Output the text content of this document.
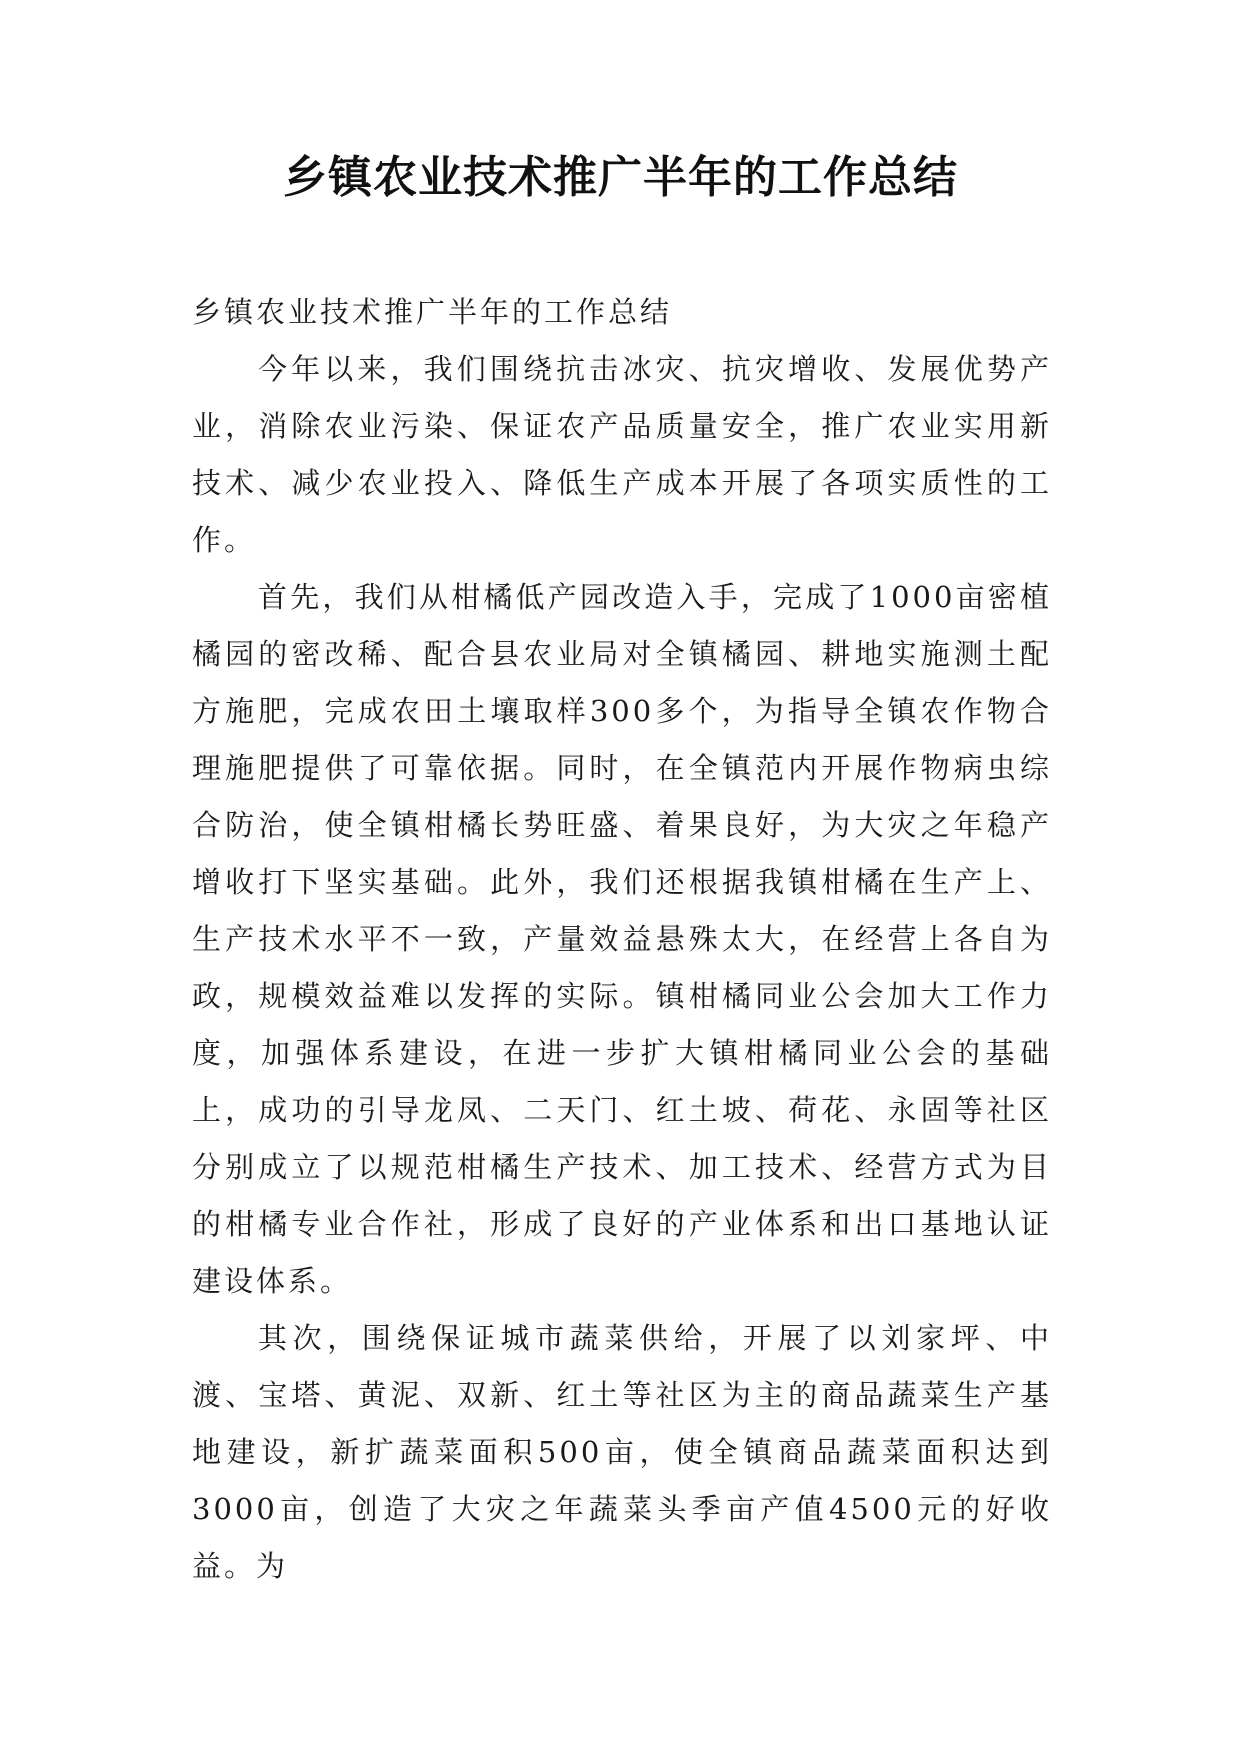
乡镇农业技术推广半年的工作总结

乡镇农业技术推广半年的工作总结

今年以来，我们围绕抗击冰灾、抗灾增收、发展优势产业，消除农业污染、保证农产品质量安全，推广农业实用新技术、减少农业投入、降低生产成本开展了各项实质性的工作。

首先，我们从柑橘低产园改造入手，完成了1000亩密植橘园的密改稀、配合县农业局对全镇橘园、耕地实施测土配方施肥，完成农田土壤取样300多个，为指导全镇农作物合理施肥提供了可靠依据。同时，在全镇范内开展作物病虫综合防治，使全镇柑橘长势旺盛、着果良好，为大灾之年稳产增收打下坚实基础。此外，我们还根据我镇柑橘在生产上、生产技术水平不一致，产量效益悬殊太大，在经营上各自为政，规模效益难以发挥的实际。镇柑橘同业公会加大工作力度，加强体系建设，在进一步扩大镇柑橘同业公会的基础上，成功的引导龙凤、二天门、红土坡、荷花、永固等社区分别成立了以规范柑橘生产技术、加工技术、经营方式为目的柑橘专业合作社，形成了良好的产业体系和出口基地认证建设体系。

其次，围绕保证城市蔬菜供给，开展了以刘家坪、中渡、宝塔、黄泥、双新、红土等社区为主的商品蔬菜生产基地建设，新扩蔬菜面积500亩，使全镇商品蔬菜面积达到3000亩，创造了大灾之年蔬菜头季亩产值4500元的好收益。为
